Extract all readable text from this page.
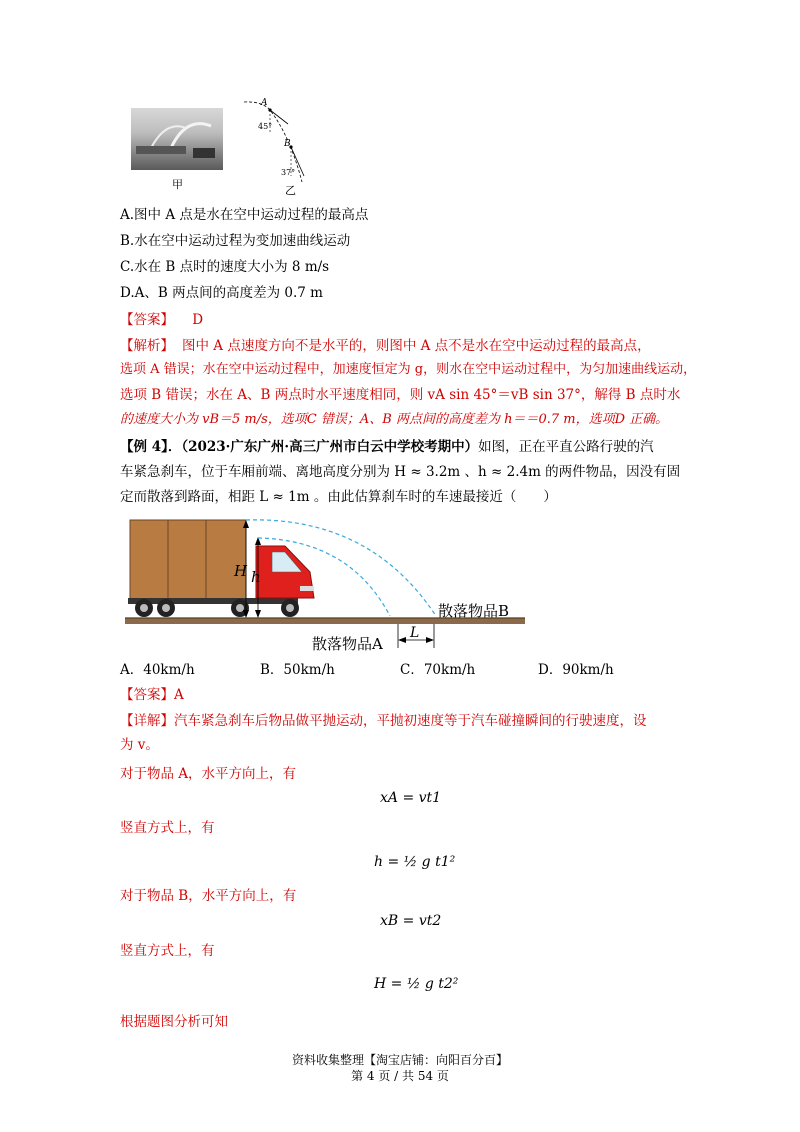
甲
A
45°
B
37°
乙
A.图中 A 点是水在空中运动过程的最高点
B.水在空中运动过程为变加速曲线运动
C.水在 B 点时的速度大小为 8 m/s
D.A、B 两点间的高度差为 0.7 m
【答案】 D
【解析】 图中 A 点速度方向不是水平的，则图中 A 点不是水在空中运动过程的最高点，
选项 A 错误；水在空中运动过程中，加速度恒定为 g，则水在空中运动过程中，为匀加速曲线运动，
选项 B 错误；水在 A、B 两点时水平速度相同，则 vA sin 45°＝vB sin 37°，解得 B 点时水
的速度大小为 vB＝5 m/s，选项C 错误；A、B 两点间的高度差为 h＝＝0.7 m，选项D 正确。
【例 4】．（2023·广东广州·高三广州市白云中学校考期中）如图，正在平直公路行驶的汽
车紧急刹车，位于车厢前端、离地高度分别为 H ≈ 3.2m 、h ≈ 2.4m 的两件物品，因没有固
定而散落到路面，相距 L ≈ 1m 。由此估算刹车时的车速最接近（　　）
H h
L
散落物品A
散落物品B
A．40km/h	B．50km/h	C．70km/h	D．90km/h
【答案】A
【详解】汽车紧急刹车后物品做平抛运动，平抛初速度等于汽车碰撞瞬间的行驶速度，设
为 v。
对于物品 A，水平方向上，有
xA = vt1
竖直方式上，有
h = ½ g t1²
对于物品 B，水平方向上，有
xB = vt2
竖直方式上，有
H = ½ g t2²
根据题图分析可知
资料收集整理【淘宝店铺：向阳百分百】
第 4 页 / 共 54 页
